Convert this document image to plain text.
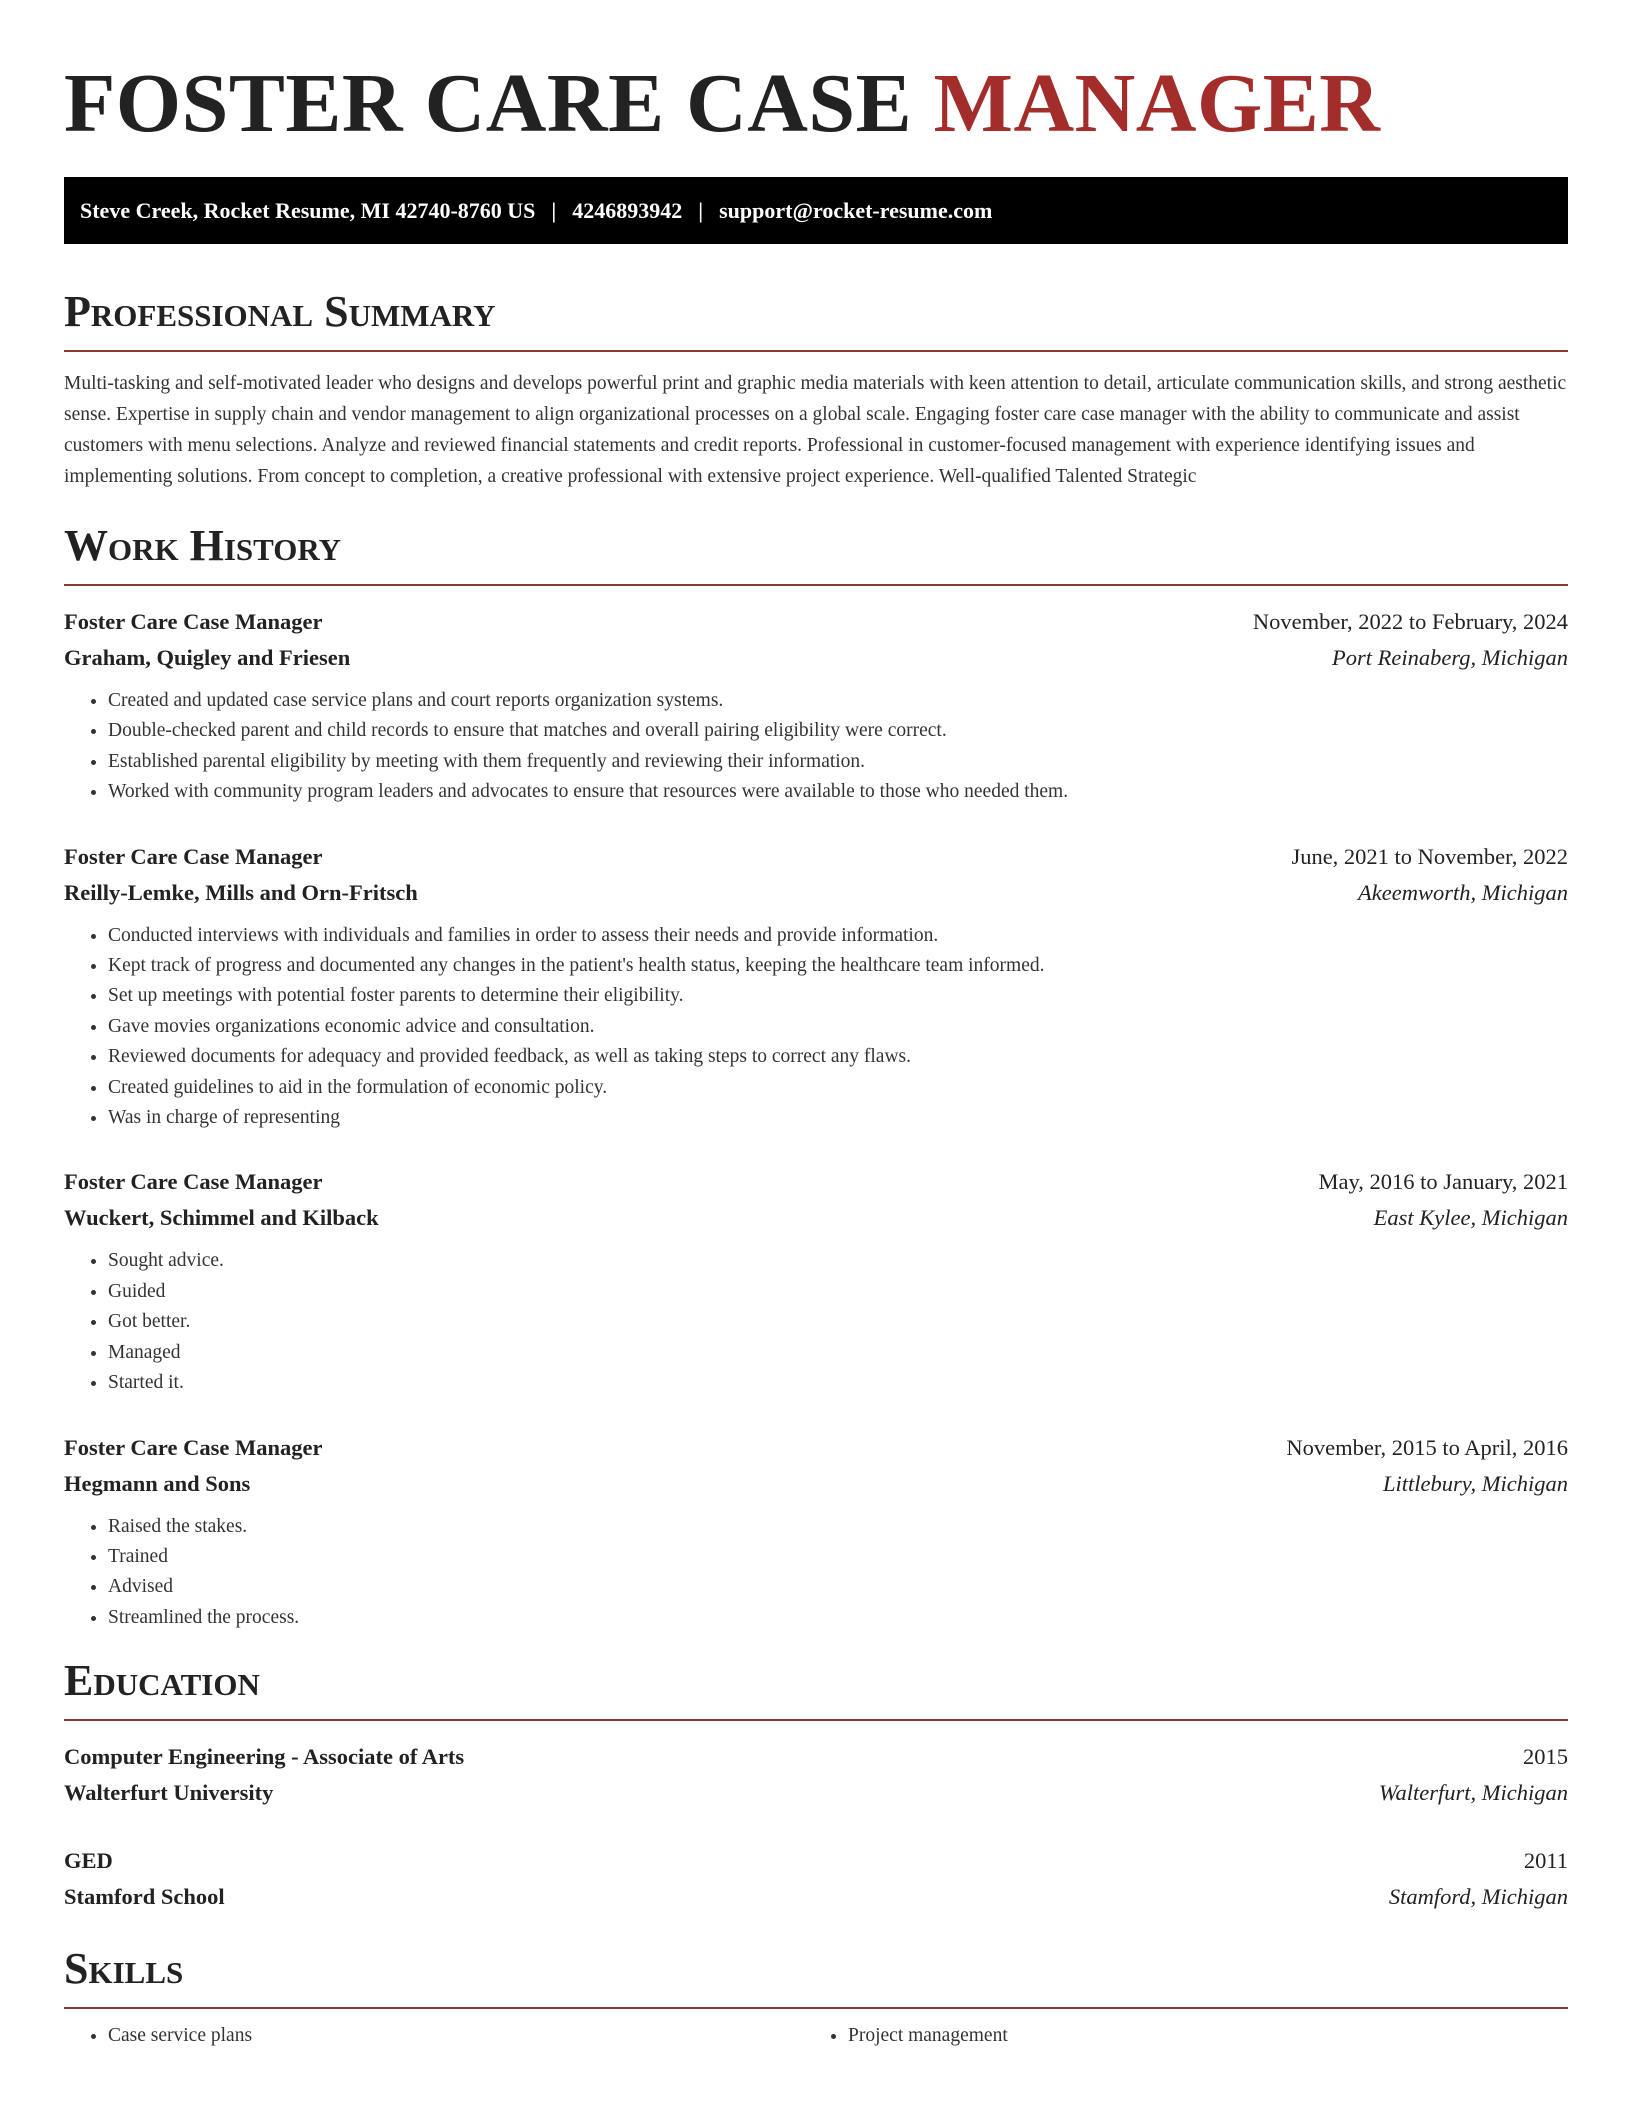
FOSTER CARE CASE MANAGER
Steve Creek, Rocket Resume, MI 42740-8760 US | 4246893942 | support@rocket-resume.com
Professional Summary
Multi-tasking and self-motivated leader who designs and develops powerful print and graphic media materials with keen attention to detail, articulate communication skills, and strong aesthetic sense. Expertise in supply chain and vendor management to align organizational processes on a global scale. Engaging foster care case manager with the ability to communicate and assist customers with menu selections. Analyze and reviewed financial statements and credit reports. Professional in customer-focused management with experience identifying issues and implementing solutions. From concept to completion, a creative professional with extensive project experience. Well-qualified Talented Strategic
Work History
Foster Care Case Manager	November, 2022 to February, 2024
Graham, Quigley and Friesen	Port Reinaberg, Michigan
• Created and updated case service plans and court reports organization systems.
• Double-checked parent and child records to ensure that matches and overall pairing eligibility were correct.
• Established parental eligibility by meeting with them frequently and reviewing their information.
• Worked with community program leaders and advocates to ensure that resources were available to those who needed them.
Foster Care Case Manager	June, 2021 to November, 2022
Reilly-Lemke, Mills and Orn-Fritsch	Akeemworth, Michigan
• Conducted interviews with individuals and families in order to assess their needs and provide information.
• Kept track of progress and documented any changes in the patient's health status, keeping the healthcare team informed.
• Set up meetings with potential foster parents to determine their eligibility.
• Gave movies organizations economic advice and consultation.
• Reviewed documents for adequacy and provided feedback, as well as taking steps to correct any flaws.
• Created guidelines to aid in the formulation of economic policy.
• Was in charge of representing
Foster Care Case Manager	May, 2016 to January, 2021
Wuckert, Schimmel and Kilback	East Kylee, Michigan
• Sought advice.
• Guided
• Got better.
• Managed
• Started it.
Foster Care Case Manager	November, 2015 to April, 2016
Hegmann and Sons	Littlebury, Michigan
• Raised the stakes.
• Trained
• Advised
• Streamlined the process.
Education
Computer Engineering - Associate of Arts	2015
Walterfurt University	Walterfurt, Michigan
GED	2011
Stamford School	Stamford, Michigan
Skills
• Case service plans
•	Project management
